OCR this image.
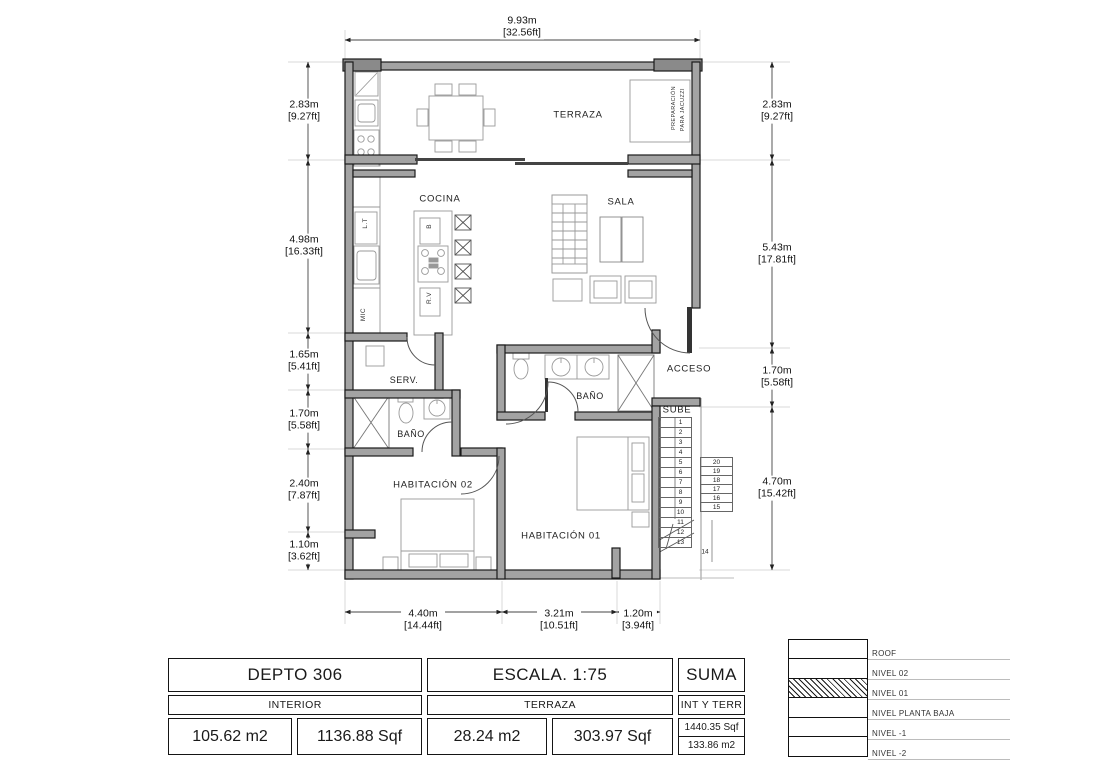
9.93m
[32.56ft]
2.83m
[9.27ft]
4.98m
[16.33ft]
1.65m
[5.41ft]
1.70m
[5.58ft]
2.40m
[7.87ft]
1.10m
[3.62ft]
2.83m
[9.27ft]
5.43m
[17.81ft]
1.70m
[5.58ft]
4.70m
[15.42ft]
4.40m
[14.44ft]
3.21m
[10.51ft]
1.20m
[3.94ft]
TERRAZA
COCINA	SALA
SERV.
BAÑO
BAÑO
ACCESO
SUBE
HABITACIÓN 02
HABITACIÓN 01
PREPARACIÓN PARA JACUZZI
L.T	B
R.V
MIC
1
2
3
4
5
6
7
8
9
10
11
12
13
20
19
18
17
16
15
14
DEPTO 306	ESCALA. 1:75	SUMA
INTERIOR	TERRAZA	INT Y TERR
105.62 m2	1136.88 Sqf	28.24 m2	303.97 Sqf	1440.35 Sqf
133.86 m2
ROOF
NIVEL 02
NIVEL 01
NIVEL PLANTA BAJA
NIVEL -1
NIVEL -2
